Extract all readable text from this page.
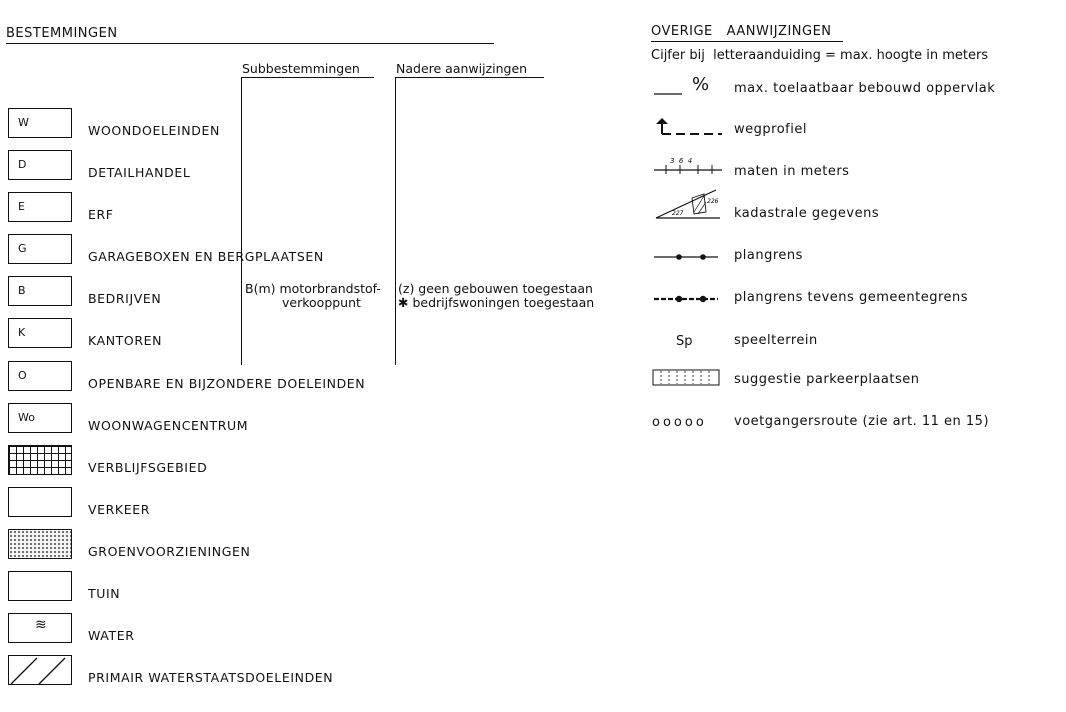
BESTEMMINGEN
Subbestemmingen	Nadere aanwijzingen
W
WOONDOELEINDEN
D
DETAILHANDEL
E
ERF
G
GARAGEBOXEN EN BERGPLAATSEN
B
BEDRIJVEN
K
KANTOREN
O
OPENBARE EN BIJZONDERE DOELEINDEN
Wo
WOONWAGENCENTRUM
VERBLIJFSGEBIED
VERKEER
GROENVOORZIENINGEN
TUIN
≋
WATER
PRIMAIR WATERSTAATSDOELEINDEN
B(m) motorbrandstof-
verkooppunt
(z) geen gebouwen toegestaan
✱ bedrijfswoningen toegestaan
OVERIGE   AANWIJZINGEN
Cijfer bij  letteraanduiding = max. hoogte in meters
% max. toelaatbaar bebouwd oppervlak
wegprofiel
3  6  4
maten in meters
227
226
kadastrale gegevens
plangrens
plangrens tevens gemeentegrens
Sp	speelterrein
suggestie parkeerplaatsen
ooooo voetgangersroute (zie art. 11 en 15)
